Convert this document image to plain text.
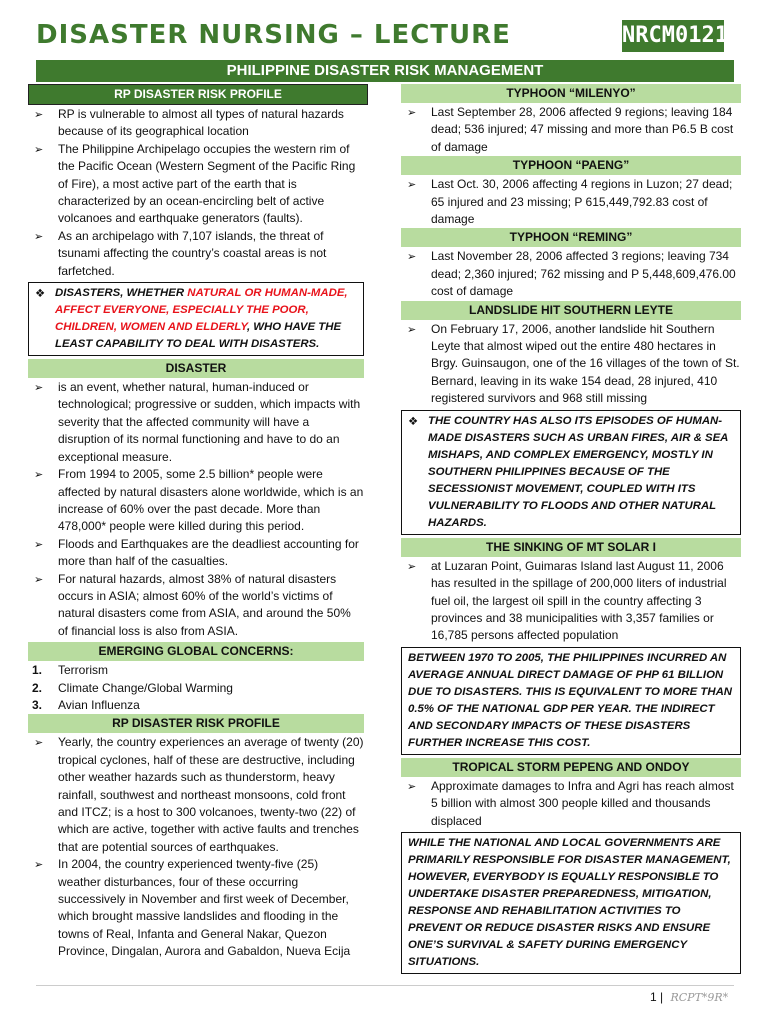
DISASTER NURSING – LECTURE	NRCM0121
PHILIPPINE DISASTER RISK MANAGEMENT
RP DISASTER RISK PROFILE
➢ RP is vulnerable to almost all types of natural hazards because of its geographical location
➢ The Philippine Archipelago occupies the western rim of the Pacific Ocean (Western Segment of the Pacific Ring of Fire), a most active part of the earth that is characterized by an ocean-encircling belt of active volcanoes and earthquake generators (faults).
➢ As an archipelago with 7,107 islands, the threat of tsunami affecting the country’s coastal areas is not farfetched.
❖ DISASTERS, WHETHER NATURAL OR HUMAN-MADE, AFFECT EVERYONE, ESPECIALLY THE POOR, CHILDREN, WOMEN AND ELDERLY, WHO HAVE THE LEAST CAPABILITY TO DEAL WITH DISASTERS.
DISASTER
➢ is an event, whether natural, human-induced or technological; progressive or sudden, which impacts with severity that the affected community will have a disruption of its normal functioning and have to do an exceptional measure.
➢ From 1994 to 2005, some 2.5 billion* people were affected by natural disasters alone worldwide, which is an increase of 60% over the past decade. More than 478,000* people were killed during this period.
➢ Floods and Earthquakes are the deadliest accounting for more than half of the casualties.
➢ For natural hazards, almost 38% of natural disasters occurs in ASIA; almost 60% of the world’s victims of natural disasters come from ASIA, and around the 50% of financial loss is also from ASIA.
EMERGING GLOBAL CONCERNS:
1. Terrorism
2. Climate Change/Global Warming
3. Avian Influenza
RP DISASTER RISK PROFILE
➢ Yearly, the country experiences an average of twenty (20) tropical cyclones, half of these are destructive, including other weather hazards such as thunderstorm, heavy rainfall, southwest and northeast monsoons, cold front and ITCZ; is a host to 300 volcanoes, twenty-two (22) of which are active, together with active faults and trenches that are potential sources of earthquakes.
➢ In 2004, the country experienced twenty-five (25) weather disturbances, four of these occurring successively in November and first week of December, which brought massive landslides and flooding in the towns of Real, Infanta and General Nakar, Quezon Province, Dingalan, Aurora and Gabaldon, Nueva Ecija
TYPHOON “MILENYO”
➢ Last September 28, 2006 affected 9 regions; leaving 184 dead; 536 injured; 47 missing and more than P6.5 B cost of damage
TYPHOON “PAENG”
➢ Last Oct. 30, 2006 affecting 4 regions in Luzon; 27 dead; 65 injured and 23 missing; P 615,449,792.83 cost of damage
TYPHOON “REMING”
➢ Last November 28, 2006 affected 3 regions; leaving 734 dead; 2,360 injured; 762 missing and P 5,448,609,476.00 cost of damage
LANDSLIDE HIT SOUTHERN LEYTE
➢ On February 17, 2006, another landslide hit Southern Leyte that almost wiped out the entire 480 hectares in Brgy. Guinsaugon, one of the 16 villages of the town of St. Bernard, leaving in its wake 154 dead, 28 injured, 410 registered survivors and 968 still missing
❖ THE COUNTRY HAS ALSO ITS EPISODES OF HUMAN-MADE DISASTERS SUCH AS URBAN FIRES, AIR & SEA MISHAPS, AND COMPLEX EMERGENCY, MOSTLY IN SOUTHERN PHILIPPINES BECAUSE OF THE SECESSIONIST MOVEMENT, COUPLED WITH ITS VULNERABILITY TO FLOODS AND OTHER NATURAL HAZARDS.
THE SINKING OF MT SOLAR I
➢ at Luzaran Point, Guimaras Island last August 11, 2006 has resulted in the spillage of 200,000 liters of industrial fuel oil, the largest oil spill in the country affecting 3 provinces and 38 municipalities with 3,357 families or 16,785 persons affected population
BETWEEN 1970 TO 2005, THE PHILIPPINES INCURRED AN AVERAGE ANNUAL DIRECT DAMAGE OF PHP 61 BILLION DUE TO DISASTERS. THIS IS EQUIVALENT TO MORE THAN 0.5% OF THE NATIONAL GDP PER YEAR. THE INDIRECT AND SECONDARY IMPACTS OF THESE DISASTERS FURTHER INCREASE THIS COST.
TROPICAL STORM PEPENG AND ONDOY
➢ Approximate damages to Infra and Agri has reach almost 5 billion with almost 300 people killed and thousands displaced
WHILE THE NATIONAL AND LOCAL GOVERNMENTS ARE PRIMARILY RESPONSIBLE FOR DISASTER MANAGEMENT, HOWEVER, EVERYBODY IS EQUALLY RESPONSIBLE TO UNDERTAKE DISASTER PREPAREDNESS, MITIGATION, RESPONSE AND REHABILITATION ACTIVITIES TO PREVENT OR REDUCE DISASTER RISKS AND ENSURE ONE’S SURVIVAL & SAFETY DURING EMERGENCY SITUATIONS.
1 | RCPT*9R*
